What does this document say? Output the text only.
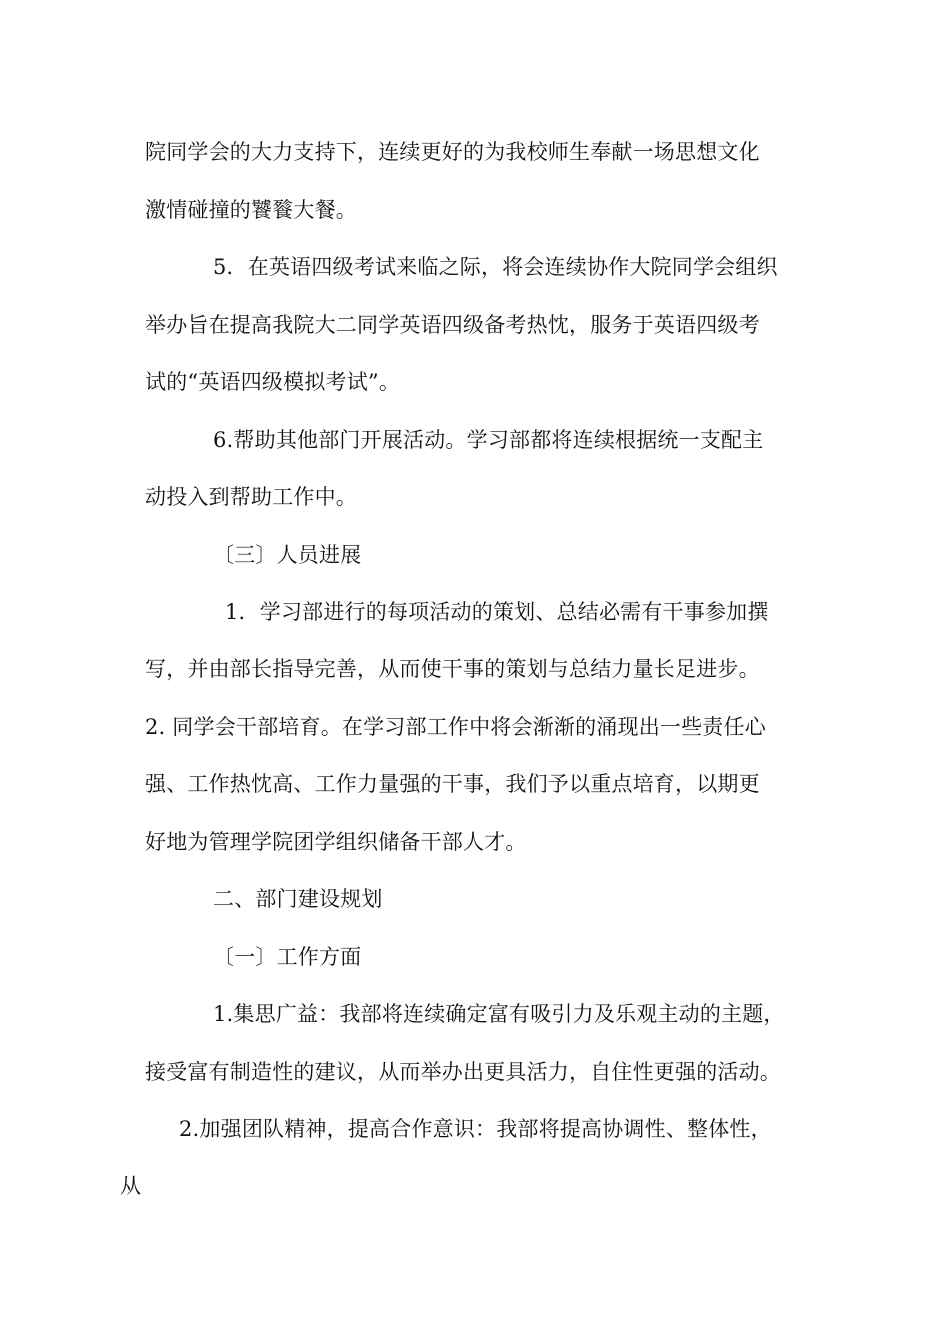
院同学会的大力支持下，连续更好的为我校师生奉献一场思想文化
激情碰撞的饕餮大餐。
5．在英语四级考试来临之际，将会连续协作大院同学会组织
举办旨在提高我院大二同学英语四级备考热忱，服务于英语四级考
试的“英语四级模拟考试”。
6.帮助其他部门开展活动。学习部都将连续根据统一支配主
动投入到帮助工作中。
〔三〕人员进展
1．学习部进行的每项活动的策划、总结必需有干事参加撰
写，并由部长指导完善，从而使干事的策划与总结力量长足进步。
2. 同学会干部培育。在学习部工作中将会渐渐的涌现出一些责任心
强、工作热忱高、工作力量强的干事，我们予以重点培育，以期更
好地为管理学院团学组织储备干部人才。
二、部门建设规划
〔一〕工作方面
1.集思广益：我部将连续确定富有吸引力及乐观主动的主题，
接受富有制造性的建议，从而举办出更具活力，自住性更强的活动。
2.加强团队精神，提高合作意识：我部将提高协调性、整体性，
从
